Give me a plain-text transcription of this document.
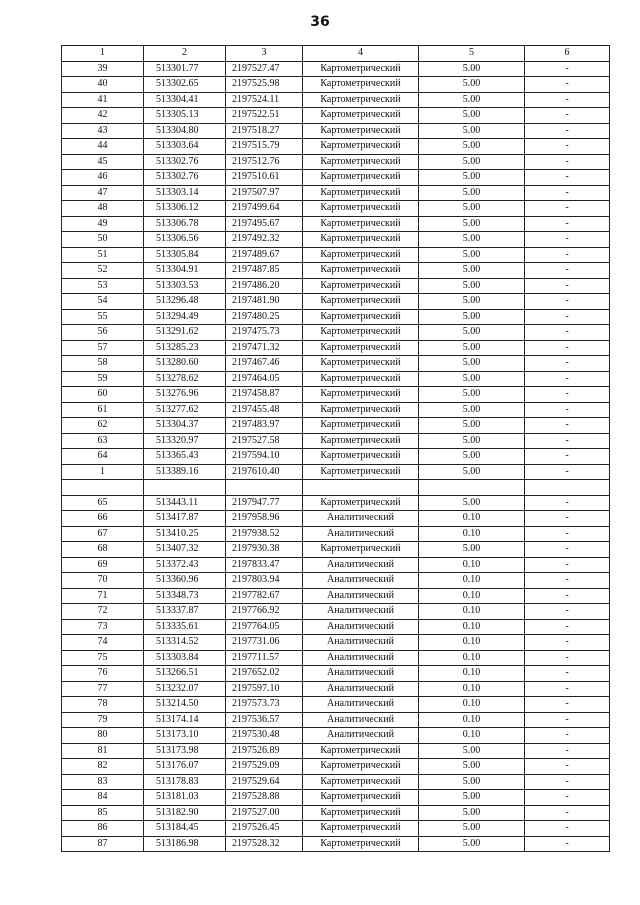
36
1	2	3	4	5	6
39	513301.77	2197527.47	Картометрический	5.00	-
40	513302.65	2197525.98	Картометрический	5.00	-
41	513304.41	2197524.11	Картометрический	5.00	-
42	513305.13	2197522.51	Картометрический	5.00	-
43	513304.80	2197518.27	Картометрический	5.00	-
44	513303.64	2197515.79	Картометрический	5.00	-
45	513302.76	2197512.76	Картометрический	5.00	-
46	513302.76	2197510.61	Картометрический	5.00	-
47	513303.14	2197507.97	Картометрический	5.00	-
48	513306.12	2197499.64	Картометрический	5.00	-
49	513306.78	2197495.67	Картометрический	5.00	-
50	513306.56	2197492.32	Картометрический	5.00	-
51	513305.84	2197489.67	Картометрический	5.00	-
52	513304.91	2197487.85	Картометрический	5.00	-
53	513303.53	2197486.20	Картометрический	5.00	-
54	513296.48	2197481.90	Картометрический	5.00	-
55	513294.49	2197480.25	Картометрический	5.00	-
56	513291.62	2197475.73	Картометрический	5.00	-
57	513285.23	2197471.32	Картометрический	5.00	-
58	513280.60	2197467.46	Картометрический	5.00	-
59	513278.62	2197464.05	Картометрический	5.00	-
60	513276.96	2197458.87	Картометрический	5.00	-
61	513277.62	2197455.48	Картометрический	5.00	-
62	513304.37	2197483.97	Картометрический	5.00	-
63	513320.97	2197527.58	Картометрический	5.00	-
64	513365.43	2197594.10	Картометрический	5.00	-
1	513389.16	2197610.40	Картометрический	5.00	-

65	513443.11	2197947.77	Картометрический	5.00	-
66	513417.87	2197958.96	Аналитический	0.10	-
67	513410.25	2197938.52	Аналитический	0.10	-
68	513407.32	2197930.38	Картометрический	5.00	-
69	513372.43	2197833.47	Аналитический	0.10	-
70	513360.96	2197803.94	Аналитический	0.10	-
71	513348.73	2197782.67	Аналитический	0.10	-
72	513337.87	2197766.92	Аналитический	0.10	-
73	513335.61	2197764.05	Аналитический	0.10	-
74	513314.52	2197731.06	Аналитический	0.10	-
75	513303.84	2197711.57	Аналитический	0.10	-
76	513266.51	2197652.02	Аналитический	0.10	-
77	513232.07	2197597.10	Аналитический	0.10	-
78	513214.50	2197573.73	Аналитический	0.10	-
79	513174.14	2197536.57	Аналитический	0.10	-
80	513173.10	2197530.48	Аналитический	0.10	-
81	513173.98	2197526.89	Картометрический	5.00	-
82	513176.07	2197529.09	Картометрический	5.00	-
83	513178.83	2197529.64	Картометрический	5.00	-
84	513181.03	2197528.88	Картометрический	5.00	-
85	513182.90	2197527.00	Картометрический	5.00	-
86	513184.45	2197526.45	Картометрический	5.00	-
87	513186.98	2197528.32	Картометрический	5.00	-
